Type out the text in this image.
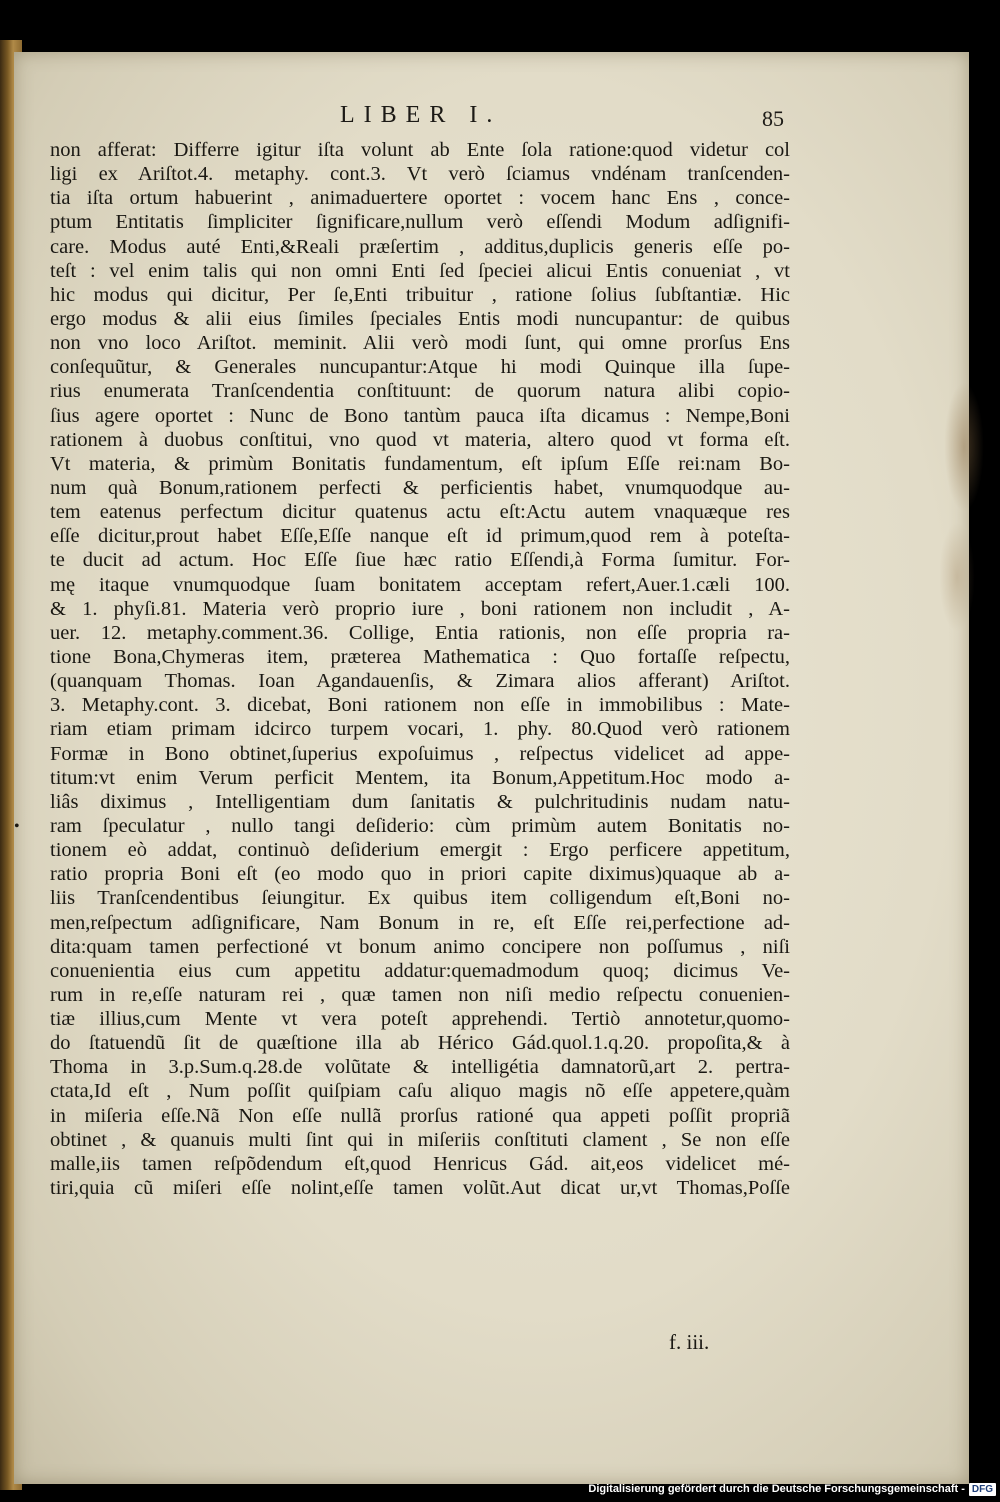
LIBER I.	85
•
non afferat: Differre igitur iſta volunt ab Ente ſola ratione:quod videtur col
ligi ex Ariſtot.4. metaphy. cont.3. Vt verò ſciamus vndénam tranſcenden-
tia iſta ortum habuerint , animaduertere oportet : vocem hanc Ens , concе-
ptum Entitatis ſimpliciter ſignificare,nullum verò eſſendi Modum adſignifi-
care. Modus auté Enti,&Reali præſertim , additus,duplicis generis eſſe po-
teſt : vel enim talis qui non omni Enti ſed ſpeciei alicui Entis conueniat , vt
hic modus qui dicitur, Per ſe,Enti tribuitur , ratione ſolius ſubſtantiæ. Hic
ergo modus & alii eius ſimiles ſpeciales Entis modi nuncupantur: de quibus
non vno loco Ariſtot. meminit. Alii verò modi ſunt, qui omne prorſus Ens
conſequũtur, & Generales nuncupantur:Atque hi modi Quinque illa ſupe-
rius enumerata Tranſcendentia conſtituunt: de quorum natura alibi copio-
ſius agere oportet : Nunc de Bono tantùm pauca iſta dicamus : Nempe,Boni
rationem à duobus conſtitui, vno quod vt materia, altero quod vt forma eſt.
Vt materia, & primùm Bonitatis fundamentum, eſt ipſum Eſſe rei:nam Bo-
num quà Bonum,rationem perfecti & perficientis habet, vnumquodque au-
tem eatenus perfectum dicitur quatenus actu eſt:Actu autem vnaquæque res
eſſe dicitur,prout habet Eſſe,Eſſe nanque eſt id primum,quod rem à poteſta-
te ducit ad actum. Hoc Eſſe ſiue hæc ratio Eſſendi,à Forma ſumitur. For-
mę itaque vnumquodque ſuam bonitatem acceptam refert,Auer.1.cæli 100.
& 1. phyſi.81. Materia verò proprio iure , boni rationem non includit , A-
uer. 12. metaphy.comment.36. Collige, Entia rationis, non eſſe propria ra-
tione Bona,Chymeras item, præterea Mathematica : Quo fortaſſe reſpectu,
(quanquam Thomas. Ioan Agandauenſis, & Zimara alios afferant) Ariſtot.
3. Metaphy.cont. 3. dicebat, Boni rationem non eſſe in immobilibus : Mate-
riam etiam primam idcirco turpem vocari, 1. phy. 80.Quod verò rationem
Formæ in Bono obtinet,ſuperius expoſuimus , reſpectus videlicet ad appe-
titum:vt enim Verum perficit Mentem, ita Bonum,Appetitum.Hoc modo a-
liâs diximus , Intelligentiam dum ſanitatis & pulchritudinis nudam natu-
ram ſpeculatur , nullo tangi deſiderio: cùm primùm autem Bonitatis no-
tionem eò addat, continuò deſiderium emergit : Ergo perficere appetitum,
ratio propria Boni eſt (eo modo quo in priori capite diximus)quaque ab a-
liis Tranſcendentibus ſeiungitur. Ex quibus item colligendum eſt,Boni no-
men,reſpectum adſignificare, Nam Bonum in re, eſt Eſſe rei,perfectione ad-
dita:quam tamen perfectioné vt bonum animo concipere non poſſumus , niſi
conuenientia eius cum appetitu addatur:quemadmodum quoq; dicimus Ve-
rum in re,eſſe naturam rei , quæ tamen non niſi medio reſpectu conuenien-
tiæ illius,cum Mente vt vera poteſt apprehendi. Tertiò annotetur,quomo-
do ſtatuendũ ſit de quæſtione illa ab Hérico Gád.quol.1.q.20. propoſita,& à
Thoma in 3.p.Sum.q.28.de volũtate & intelligétia damnatorũ,art 2. pertra-
ctata,Id eſt , Num poſſit quiſpiam caſu aliquo magis nõ eſſe appetere,quàm
in miſeria eſſe.Nã Non eſſe nullã prorſus rationé qua appeti poſſit propriã
obtinet , & quanuis multi ſint qui in miſeriis conſtituti clament , Se non eſſe
malle,iis tamen reſpõdendum eſt,quod Henricus Gád. ait,eos videlicet mé-
tiri,quia cũ miſeri eſſe nolint,eſſe tamen volũt.Aut dicat ur,vt Thomas,Poſſe
f. iii.
Digitalisierung gefördert durch die Deutsche Forschungsgemeinschaft - DFG
